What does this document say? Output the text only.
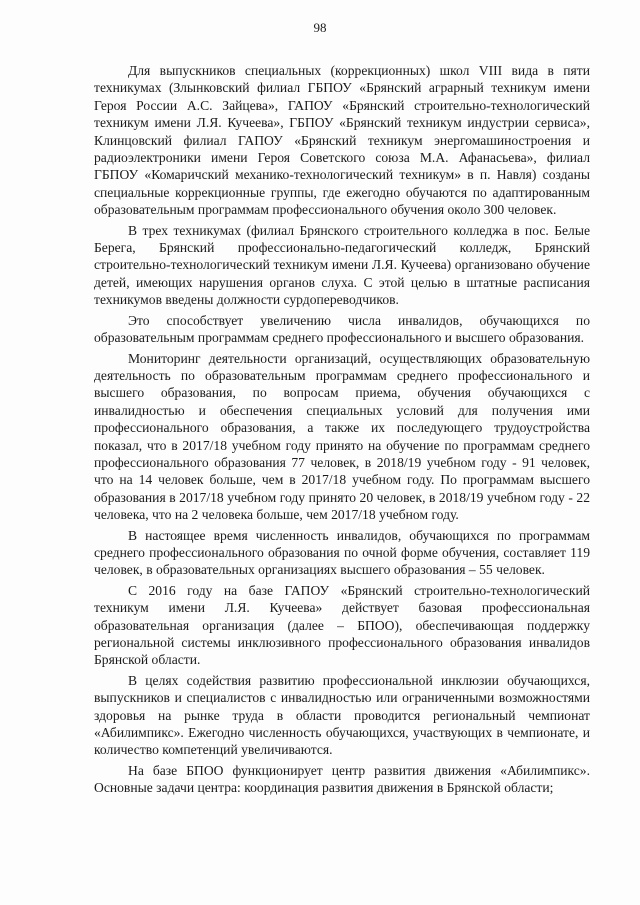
98

Для выпускников специальных (коррекционных) школ VIII вида в пяти техникумах (Злынковский филиал ГБПОУ «Брянский аграрный техникум имени Героя России А.С. Зайцева», ГАПОУ «Брянский строительно-технологический техникум имени Л.Я. Кучеева», ГБПОУ «Брянский техникум индустрии сервиса», Клинцовский филиал ГАПОУ «Брянский техникум энергомашиностроения и радиоэлектроники имени Героя Советского союза М.А. Афанасьева», филиал ГБПОУ «Комаричский механико-технологический техникум» в п. Навля) созданы специальные коррекционные группы, где ежегодно обучаются по адаптированным образовательным программам профессионального обучения около 300 человек.

В трех техникумах (филиал Брянского строительного колледжа в пос. Белые Берега, Брянский профессионально-педагогический колледж, Брянский строительно-технологический техникум имени Л.Я. Кучеева) организовано обучение детей, имеющих нарушения органов слуха. С этой целью в штатные расписания техникумов введены должности сурдопереводчиков.

Это способствует увеличению числа инвалидов, обучающихся по образовательным программам среднего профессионального и высшего образования.

Мониторинг деятельности организаций, осуществляющих образовательную деятельность по образовательным программам среднего профессионального и высшего образования, по вопросам приема, обучения обучающихся с инвалидностью и обеспечения специальных условий для получения ими профессионального образования, а также их последующего трудоустройства показал, что в 2017/18 учебном году принято на обучение по программам среднего профессионального образования 77 человек, в 2018/19 учебном году - 91 человек, что на 14 человек больше, чем в 2017/18 учебном году. По программам высшего образования в 2017/18 учебном году принято 20 человек, в 2018/19 учебном году - 22 человека, что на 2 человека больше, чем 2017/18 учебном году.

В настоящее время численность инвалидов, обучающихся по программам среднего профессионального образования по очной форме обучения, составляет 119 человек, в образовательных организациях высшего образования – 55 человек.

С 2016 году на базе ГАПОУ «Брянский строительно-технологический техникум имени Л.Я. Кучеева» действует базовая профессиональная образовательная организация (далее – БПОО), обеспечивающая поддержку региональной системы инклюзивного профессионального образования инвалидов Брянской области.

В целях содействия развитию профессиональной инклюзии обучающихся, выпускников и специалистов с инвалидностью или ограниченными возможностями здоровья на рынке труда в области проводится региональный чемпионат «Абилимпикс». Ежегодно численность обучающихся, участвующих в чемпионате, и количество компетенций увеличиваются.

На базе БПОО функционирует центр развития движения «Абилимпикс». Основные задачи центра: координация развития движения в Брянской области;
